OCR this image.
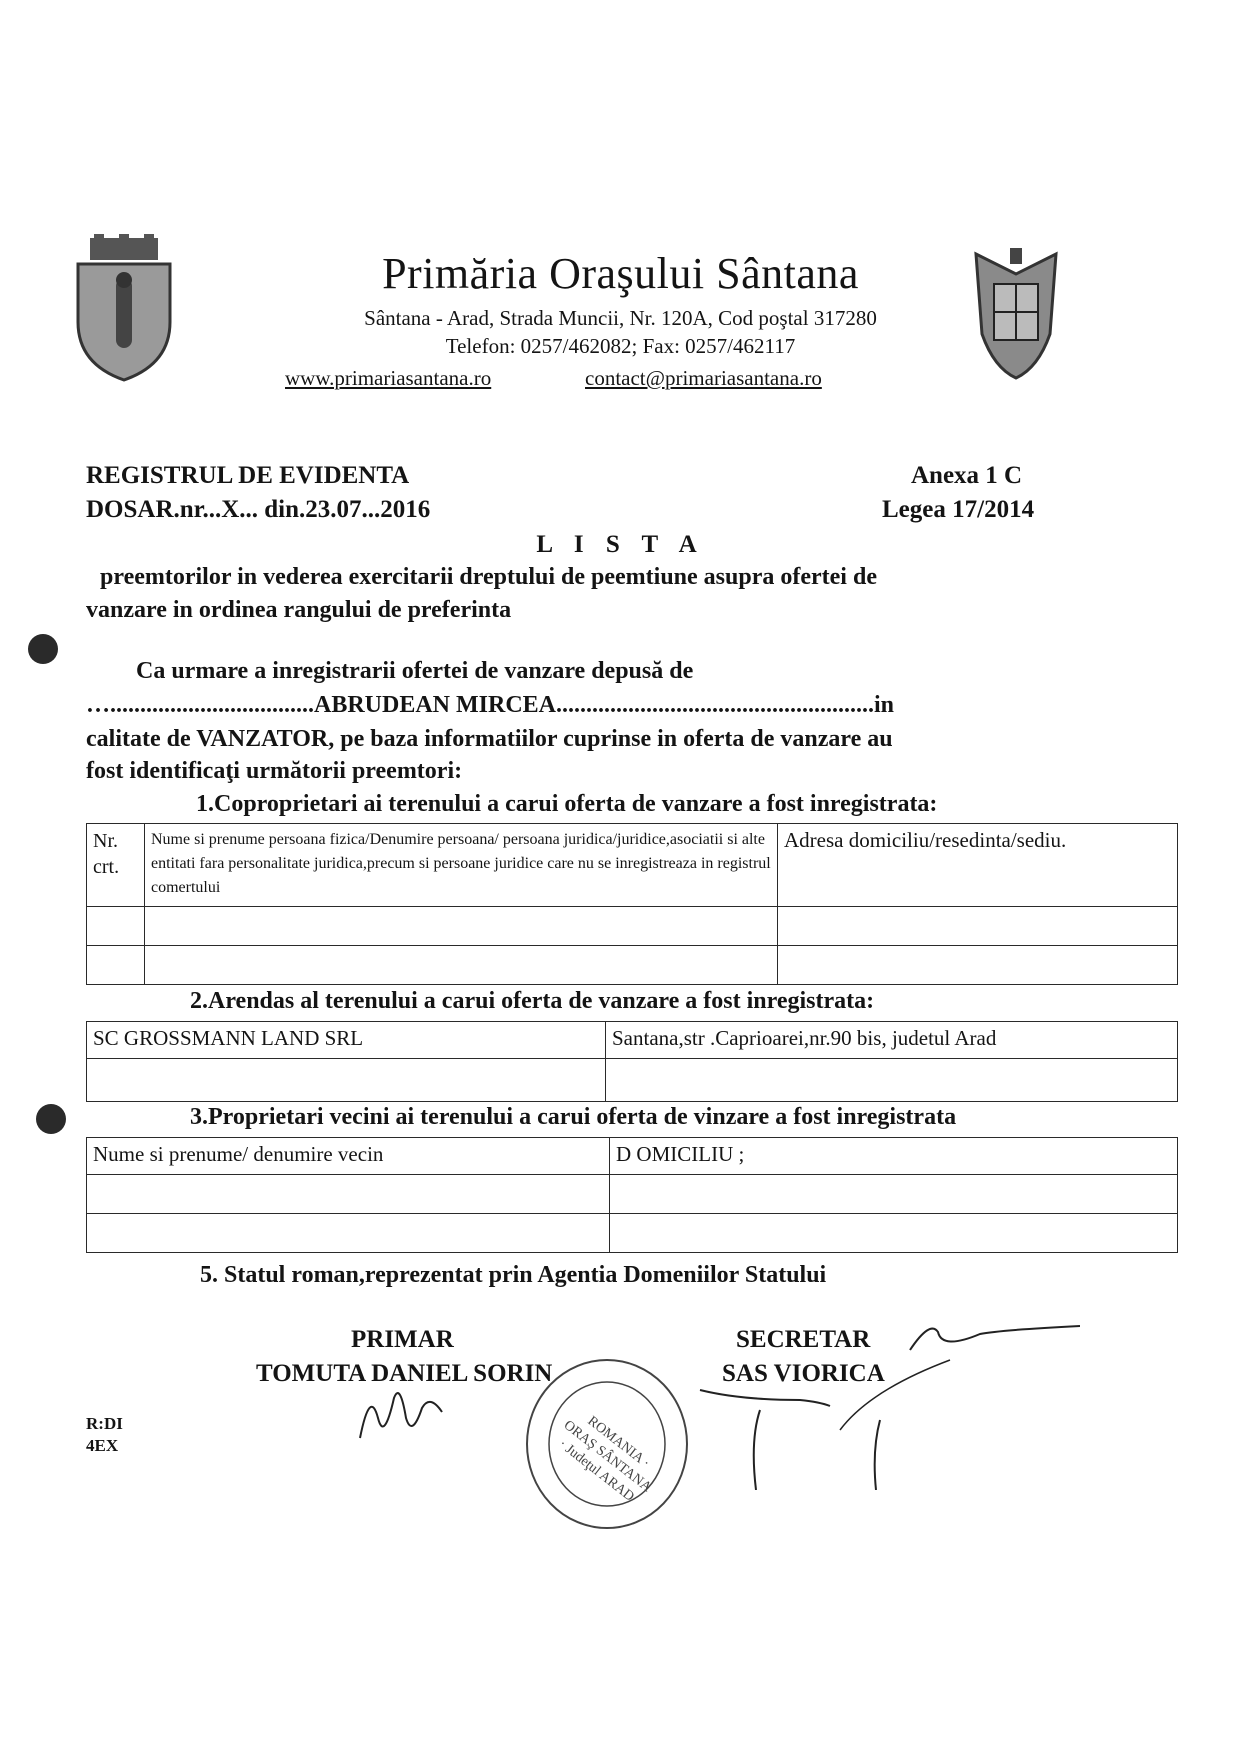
Primăria Oraşului Sântana
Sântana - Arad, Strada Muncii, Nr. 120A, Cod poştal 317280
Telefon: 0257/462082; Fax: 0257/462117
www.primariasantana.ro	contact@primariasantana.ro
REGISTRUL DE EVIDENTA
DOSAR.nr...X... din.23.07...2016
Anexa 1 C
Legea 17/2014
L I S T A
preemtorilor in vederea exercitarii dreptului de peemtiune asupra ofertei de
vanzare in ordinea rangului de preferinta
Ca urmare a inregistrarii ofertei de vanzare depusă de
…..................................ABRUDEAN MIRCEA.....................................................in
calitate de VANZATOR, pe baza informatiilor cuprinse in oferta de vanzare au
fost identificaţi următorii preemtori:
1.Coproprietari ai terenului a carui oferta de vanzare a fost inregistrata:
Nr. crt.	Nume si prenume persoana fizica/Denumire persoana/ persoana juridica/juridice,asociatii si alte entitati fara personalitate juridica,precum si persoane juridice care nu se inregistreaza in registrul comertului	Adresa domiciliu/resedinta/sediu.

2.Arendas al terenului a carui oferta de vanzare a fost inregistrata:
SC GROSSMANN LAND SRL	Santana,str .Caprioarei,nr.90 bis, judetul Arad

3.Proprietari vecini ai terenului a carui oferta de vinzare a fost inregistrata
Nume si prenume/ denumire vecin	D OMICILIU ;

5. Statul roman,reprezentat prin Agentia Domeniilor Statului
PRIMAR
TOMUTA DANIEL SORIN
SECRETAR
SAS VIORICA
ROMANIA · ORAŞ SÂNTANA · Judeţul ARAD
R:DI
4EX
